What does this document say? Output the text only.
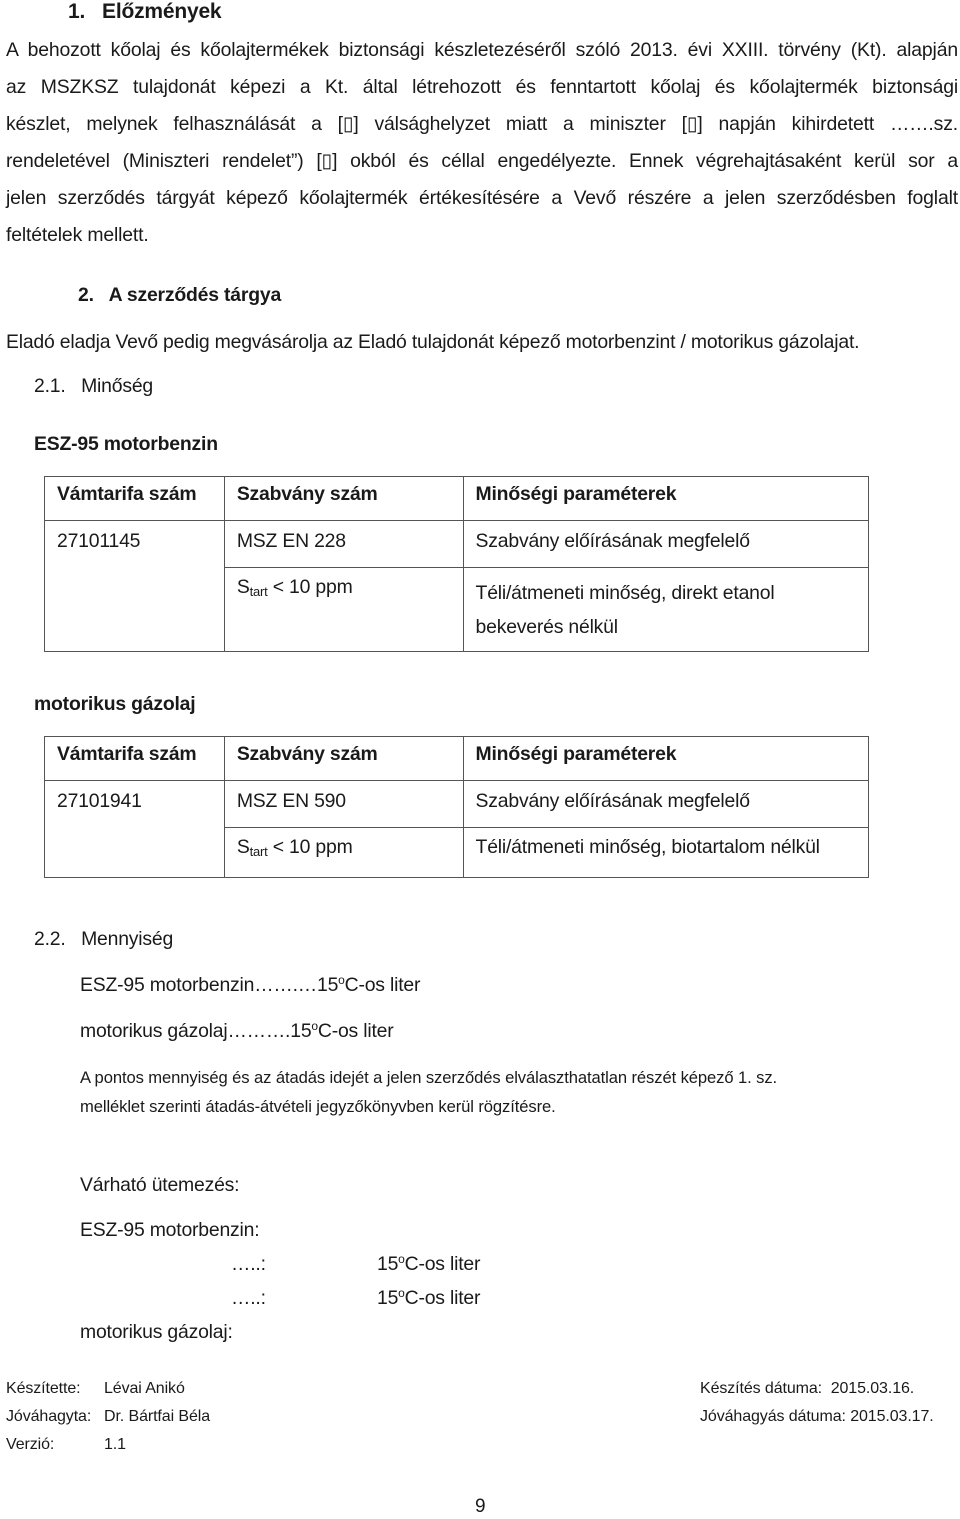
1.   Előzmények
A behozott kőolaj és kőolajtermékek biztonsági készletezéséről szóló 2013. évi XXIII. törvény (Kt). alapján
az MSZKSZ tulajdonát képezi a Kt. által létrehozott és fenntartott kőolaj és kőolajtermék biztonsági
készlet, melynek felhasználását a [▯] válsághelyzet miatt a miniszter [▯] napján kihirdetett …….sz.
rendeletével (Miniszteri rendelet”) [▯] okból és céllal engedélyezte. Ennek végrehajtásaként kerül sor a
jelen szerződés tárgyát képező kőolajtermék értékesítésére a Vevő részére a jelen szerződésben foglalt
feltételek mellett.
2.   A szerződés tárgya
Eladó eladja Vevő pedig megvásárolja az Eladó tulajdonát képező motorbenzint / motorikus gázolajat.
2.1.   Minőség
ESZ-95 motorbenzin
Vámtarifa szám	Szabvány szám	Minőségi paraméterek
27101145	MSZ EN 228	Szabvány előírásának megfelelő
	Start < 10 ppm	Téli/átmeneti minőség, direkt etanol
bekeverés nélkül
motorikus gázolaj
Vámtarifa szám	Szabvány szám	Minőségi paraméterek
27101941	MSZ EN 590	Szabvány előírásának megfelelő
	Start < 10 ppm	Téli/átmeneti minőség, biotartalom nélkül
2.2.   Mennyiség
ESZ-95 motorbenzin…….…15$^o$C-os liter
motorikus gázolaj……….15$^o$C-os liter
A pontos mennyiség és az átadás idejét a jelen szerződés elválaszthatatlan részét képező 1. sz.
melléklet szerinti átadás-átvételi jegyzőkönyvben kerül rögzítésre.
Várható ütemezés:
ESZ-95 motorbenzin:
…..:	15$^o$C-os liter
…..:	15$^o$C-os liter
motorikus gázolaj:
Készítette: Lévai Anikó	Készítés dátuma:  2015.03.16.
Jóváhagyta: Dr. Bártfai Béla	Jóváhagyás dátuma: 2015.03.17.
Verzió:	1.1
9
